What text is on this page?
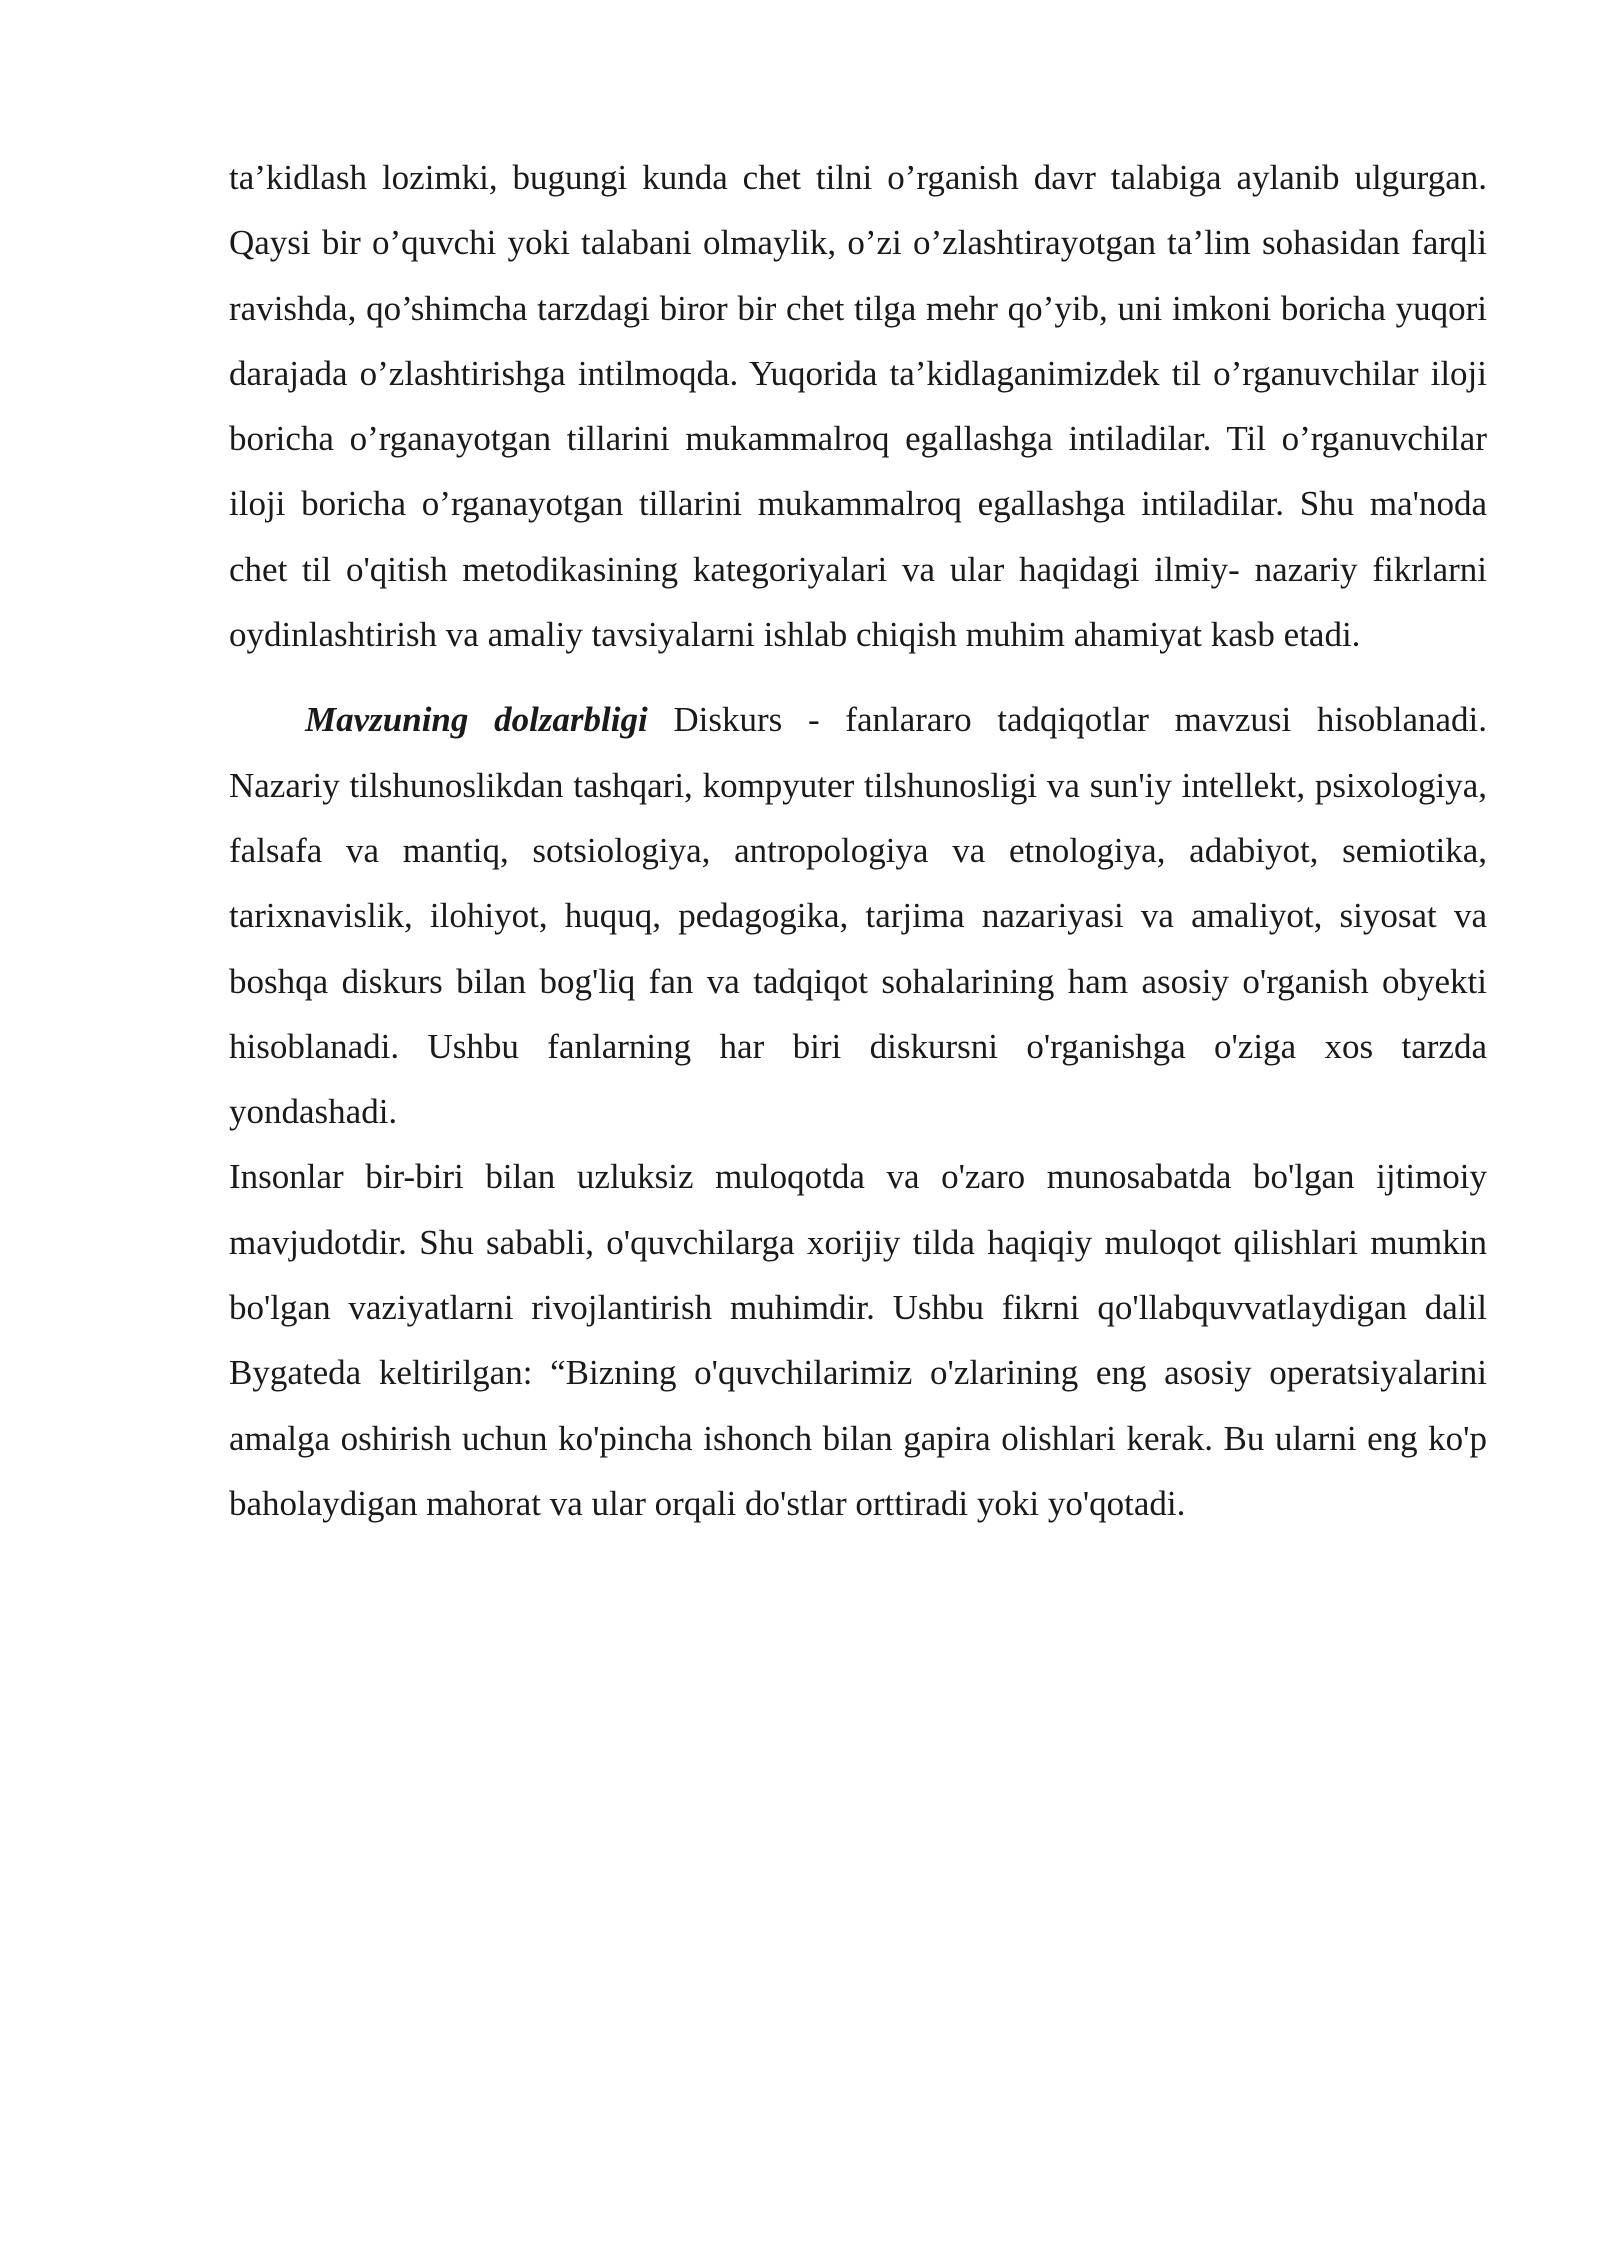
ta’kidlash lozimki, bugungi kunda chet tilni o’rganish davr talabiga aylanib ulgurgan. Qaysi bir o’quvchi yoki talabani olmaylik, o’zi o’zlashtirayotgan ta’lim sohasidan farqli ravishda, qo’shimcha tarzdagi biror bir chet tilga mehr qo’yib, uni imkoni boricha yuqori darajada o’zlashtirishga intilmoqda. Yuqorida ta’kidlaganimizdek til o’rganuvchilar iloji boricha o’rganayotgan tillarini mukammalroq egallashga intiladilar. Til o’rganuvchilar iloji boricha o’rganayotgan tillarini mukammalroq egallashga intiladilar. Shu ma'noda chet til o'qitish metodikasining kategoriyalari va ular haqidagi ilmiy- nazariy fikrlarni oydinlashtirish va amaliy tavsiyalarni ishlab chiqish muhim ahamiyat kasb etadi.

Mavzuning dolzarbligi Diskurs - fanlararo tadqiqotlar mavzusi hisoblanadi. Nazariy tilshunoslikdan tashqari, kompyuter tilshunosligi va sun'iy intellekt, psixologiya, falsafa va mantiq, sotsiologiya, antropologiya va etnologiya, adabiyot, semiotika, tarixnavislik, ilohiyot, huquq, pedagogika, tarjima nazariyasi va amaliyot, siyosat va boshqa diskurs bilan bog'liq fan va tadqiqot sohalarining ham asosiy o'rganish obyekti hisoblanadi. Ushbu fanlarning har biri diskursni o'rganishga o'ziga xos tarzda yondashadi.

Insonlar bir-biri bilan uzluksiz muloqotda va o'zaro munosabatda bo'lgan ijtimoiy mavjudotdir. Shu sababli, o'quvchilarga xorijiy tilda haqiqiy muloqot qilishlari mumkin bo'lgan vaziyatlarni rivojlantirish muhimdir. Ushbu fikrni qo'llabquvvatlaydigan dalil Bygateda keltirilgan: “Bizning o'quvchilarimiz o'zlarining eng asosiy operatsiyalarini amalga oshirish uchun ko'pincha ishonch bilan gapira olishlari kerak. Bu ularni eng ko'p baholaydigan mahorat va ular orqali do'stlar orttiradi yoki yo'qotadi.
